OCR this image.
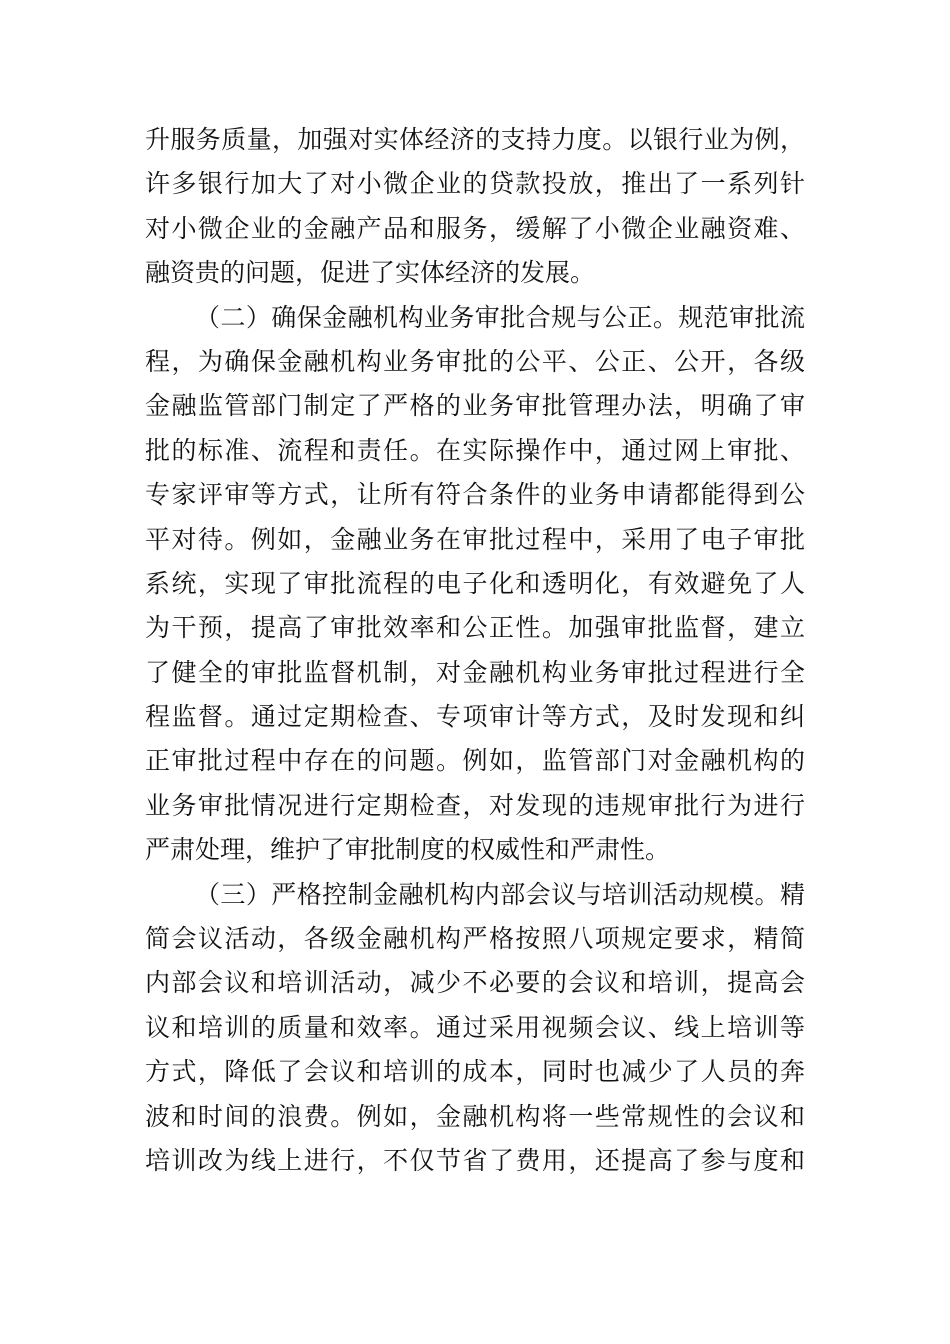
升服务质量，加强对实体经济的支持力度。以银行业为例，
许多银行加大了对小微企业的贷款投放，推出了一系列针
对小微企业的金融产品和服务，缓解了小微企业融资难、
融资贵的问题，促进了实体经济的发展。
（二）确保金融机构业务审批合规与公正。规范审批流
程，为确保金融机构业务审批的公平、公正、公开，各级
金融监管部门制定了严格的业务审批管理办法，明确了审
批的标准、流程和责任。在实际操作中，通过网上审批、
专家评审等方式，让所有符合条件的业务申请都能得到公
平对待。例如，金融业务在审批过程中，采用了电子审批
系统，实现了审批流程的电子化和透明化，有效避免了人
为干预，提高了审批效率和公正性。加强审批监督，建立
了健全的审批监督机制，对金融机构业务审批过程进行全
程监督。通过定期检查、专项审计等方式，及时发现和纠
正审批过程中存在的问题。例如，监管部门对金融机构的
业务审批情况进行定期检查，对发现的违规审批行为进行
严肃处理，维护了审批制度的权威性和严肃性。
（三）严格控制金融机构内部会议与培训活动规模。精
简会议活动，各级金融机构严格按照八项规定要求，精简
内部会议和培训活动，减少不必要的会议和培训，提高会
议和培训的质量和效率。通过采用视频会议、线上培训等
方式，降低了会议和培训的成本，同时也减少了人员的奔
波和时间的浪费。例如，金融机构将一些常规性的会议和
培训改为线上进行，不仅节省了费用，还提高了参与度和
